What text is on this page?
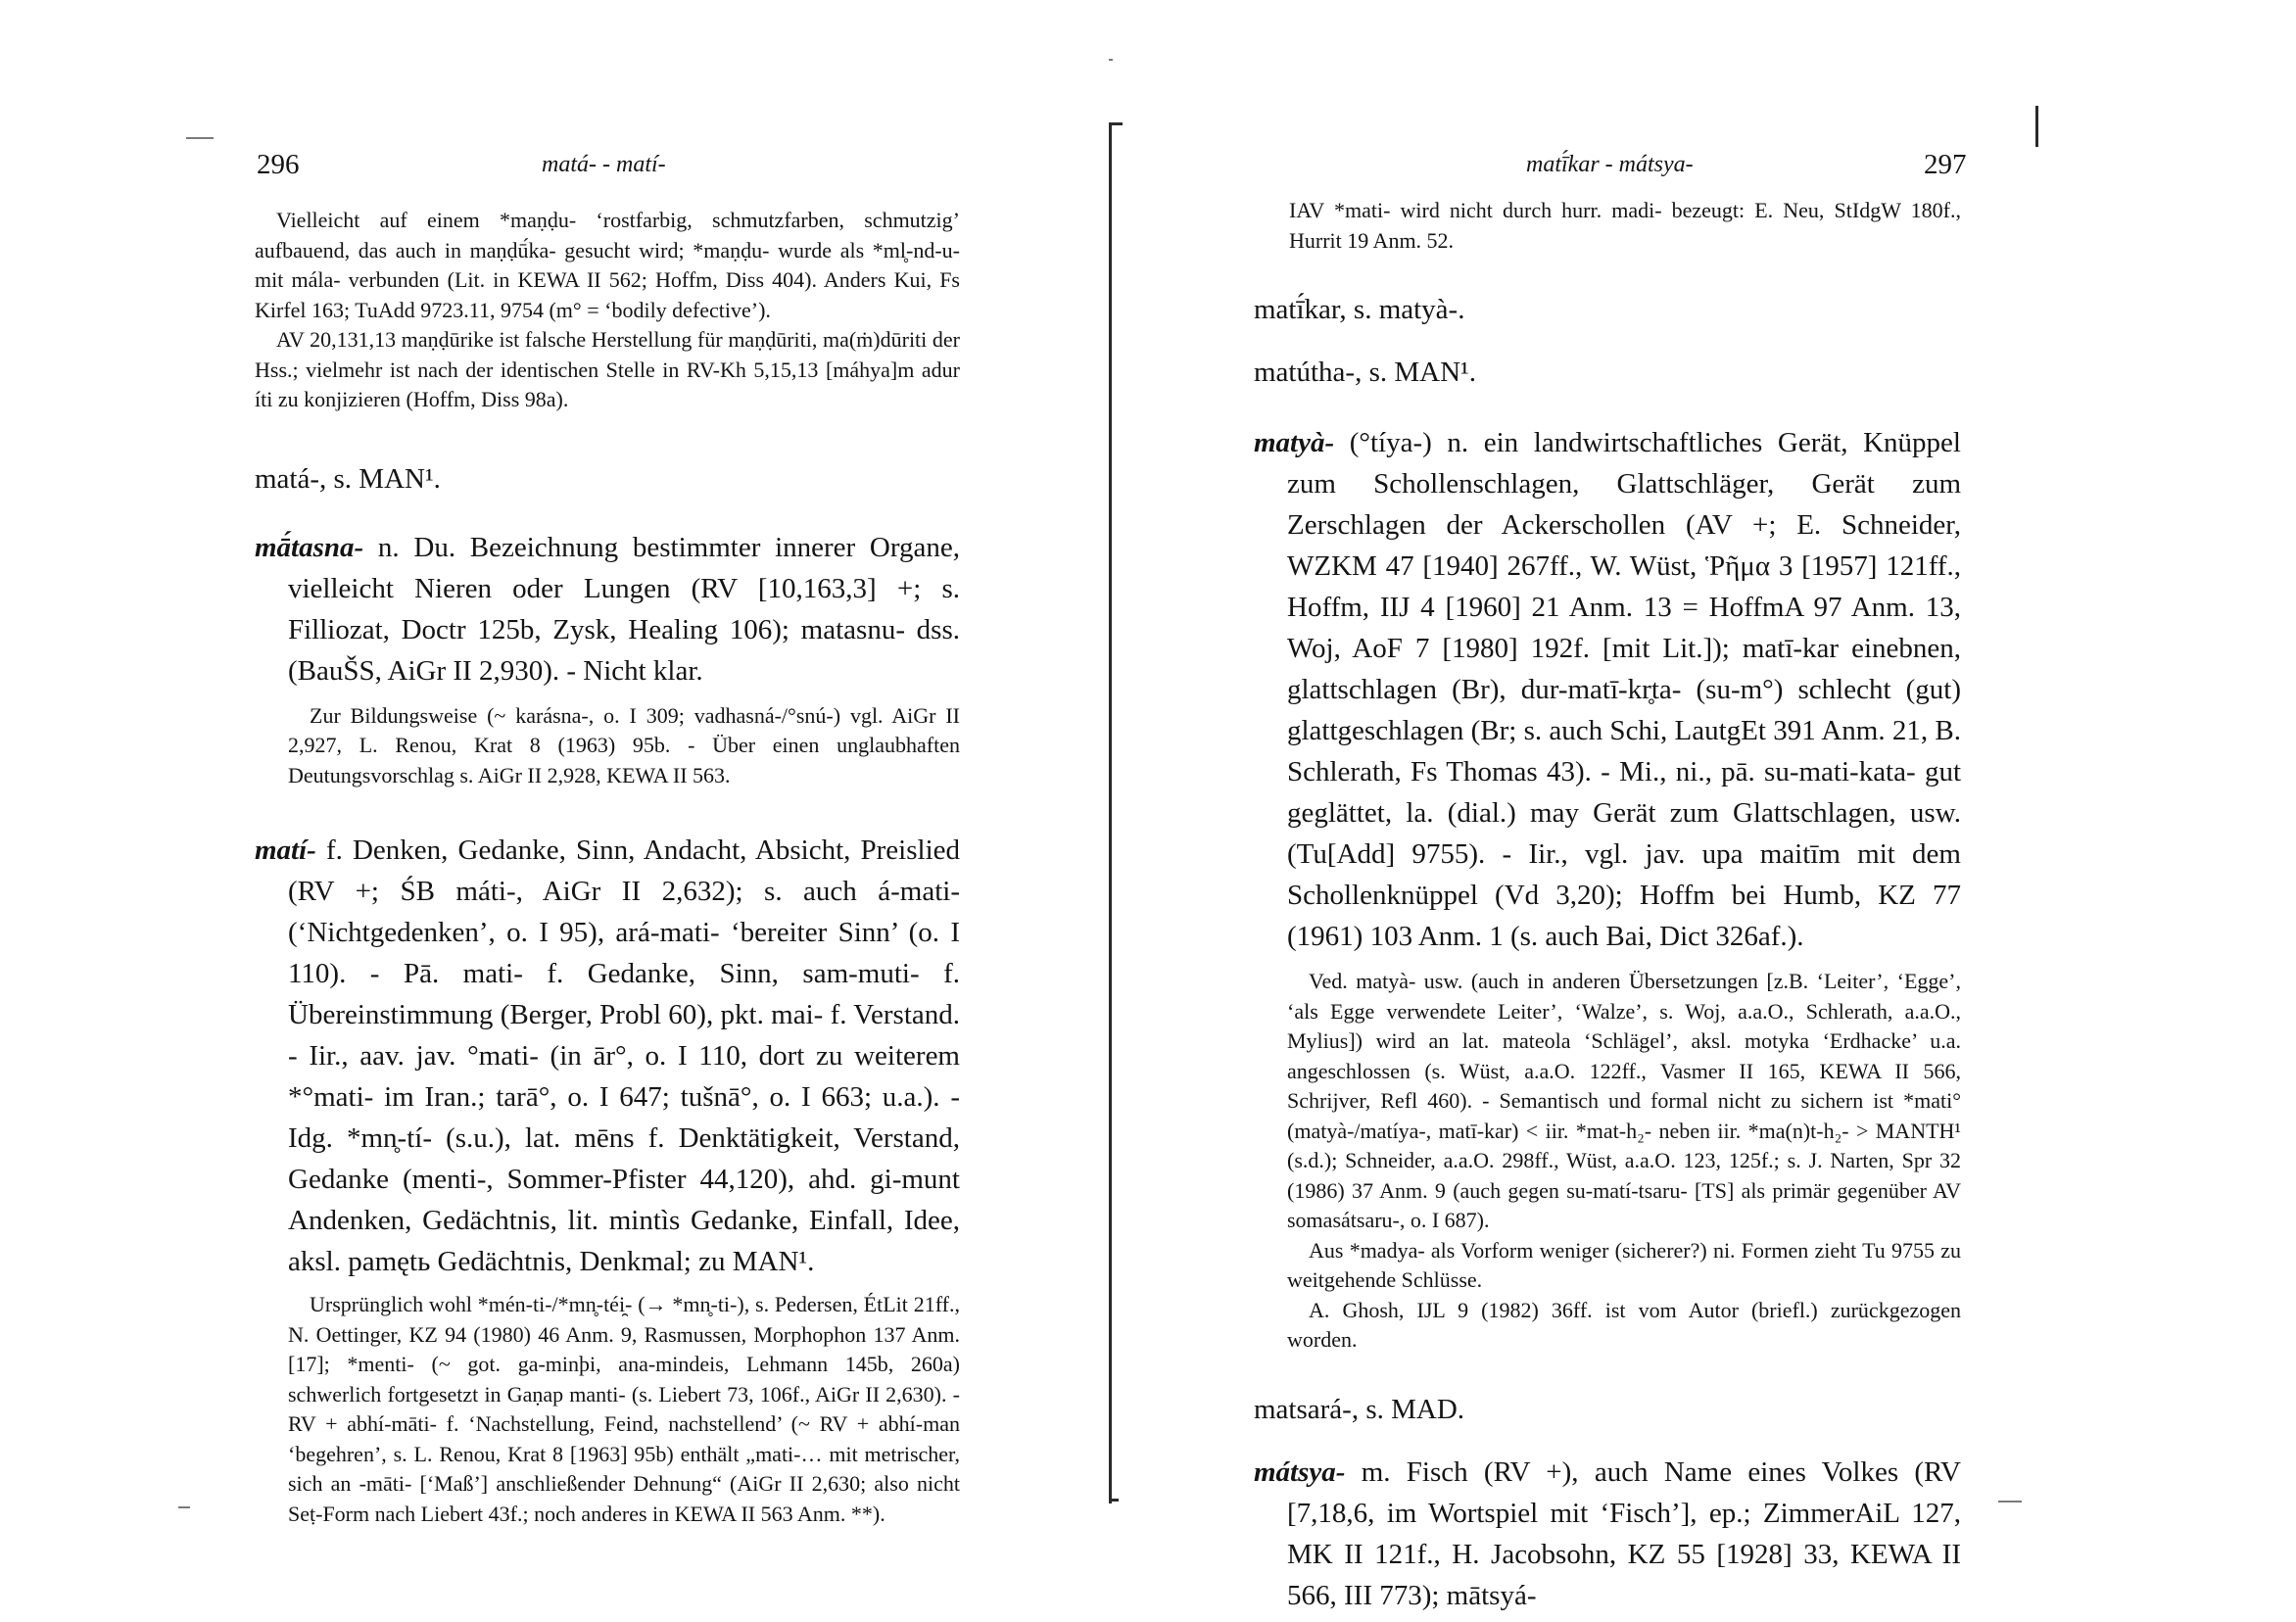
296	matá- - matí-

Vielleicht auf einem *maṇḍu- ‘rostfarbig, schmutzfarben, schmutzig’ aufbauend, das auch in maṇḍū́ka- gesucht wird; *maṇḍu- wurde als *ml̥-nd-u- mit mála- verbunden (Lit. in KEWA II 562; Hoffm, Diss 404). Anders Kui, Fs Kirfel 163; TuAdd 9723.11, 9754 (m° = ‘bodily defective’).

AV 20,131,13 maṇḍūrike ist falsche Herstellung für maṇḍūriti, ma(ṁ)dūriti der Hss.; vielmehr ist nach der identischen Stelle in RV-Kh 5,15,13 [máhya]m adur íti zu konjizieren (Hoffm, Diss 98a).

matá-, s. MAN¹.

mā́tasna- n. Du. Bezeichnung bestimmter innerer Organe, vielleicht Nieren oder Lungen (RV [10,163,3] +; s. Filliozat, Doctr 125b, Zysk, Healing 106); matasnu- dss. (BauŠS, AiGr II 2,930). - Nicht klar.

Zur Bildungsweise (~ karásna-, o. I 309; vadhasná-/°snú-) vgl. AiGr II 2,927, L. Renou, Krat 8 (1963) 95b. - Über einen unglaubhaften Deutungsvorschlag s. AiGr II 2,928, KEWA II 563.

matí- f. Denken, Gedanke, Sinn, Andacht, Absicht, Preislied (RV +; ŚB máti-, AiGr II 2,632); s. auch á-mati- (‘Nichtgedenken’, o. I 95), ará-mati- ‘bereiter Sinn’ (o. I 110). - Pā. mati- f. Gedanke, Sinn, sam-muti- f. Übereinstimmung (Berger, Probl 60), pkt. mai- f. Verstand. - Iir., aav. jav. °mati- (in ār°, o. I 110, dort zu weiterem *°mati- im Iran.; tarā°, o. I 647; tušnā°, o. I 663; u.a.). - Idg. *mn̥-tí- (s.u.), lat. mēns f. Denktätigkeit, Verstand, Gedanke (menti-, Sommer-Pfister 44,120), ahd. gi-munt Andenken, Gedächtnis, lit. mintìs Gedanke, Einfall, Idee, aksl. pamętь Gedächtnis, Denkmal; zu MAN¹.

Ursprünglich wohl *mén-ti-/*mn̥-téi̯- (→ *mn̥-ti-), s. Pedersen, ÉtLit 21ff., N. Oettinger, KZ 94 (1980) 46 Anm. 9, Rasmussen, Morphophon 137 Anm. [17]; *menti- (~ got. ga-minþi, ana-mindeis, Lehmann 145b, 260a) schwerlich fortgesetzt in Gaṇap manti- (s. Liebert 73, 106f., AiGr II 2,630). - RV + abhí-māti- f. ‘Nachstellung, Feind, nachstellend’ (~ RV + abhí-man ‘begehren’, s. L. Renou, Krat 8 [1963] 95b) enthält „mati-… mit metrischer, sich an -māti- [‘Maß’] anschließender Dehnung“ (AiGr II 2,630; also nicht Seṭ-Form nach Liebert 43f.; noch anderes in KEWA II 563 Anm. **).

matī́kar - mátsya-	297

IAV *mati- wird nicht durch hurr. madi- bezeugt: E. Neu, StIdgW 180f., Hurrit 19 Anm. 52.

matī́kar, s. matyà-.

matútha-, s. MAN¹.

matyà- (°tíya-) n. ein landwirtschaftliches Gerät, Knüppel zum Schollenschlagen, Glattschläger, Gerät zum Zerschlagen der Ackerschollen (AV +; E. Schneider, WZKM 47 [1940] 267ff., W. Wüst, Ῥῆμα 3 [1957] 121ff., Hoffm, IIJ 4 [1960] 21 Anm. 13 = HoffmA 97 Anm. 13, Woj, AoF 7 [1980] 192f. [mit Lit.]); matī-kar einebnen, glattschlagen (Br), dur-matī-kr̥ta- (su-m°) schlecht (gut) glattgeschlagen (Br; s. auch Schi, LautgEt 391 Anm. 21, B. Schlerath, Fs Thomas 43). - Mi., ni., pā. su-mati-kata- gut geglättet, la. (dial.) may Gerät zum Glattschlagen, usw. (Tu[Add] 9755). - Iir., vgl. jav. upa maitīm mit dem Schollenknüppel (Vd 3,20); Hoffm bei Humb, KZ 77 (1961) 103 Anm. 1 (s. auch Bai, Dict 326af.).

Ved. matyà- usw. (auch in anderen Übersetzungen [z.B. ‘Leiter’, ‘Egge’, ‘als Egge verwendete Leiter’, ‘Walze’, s. Woj, a.a.O., Schlerath, a.a.O., Mylius]) wird an lat. mateola ‘Schlägel’, aksl. motyka ‘Erdhacke’ u.a. angeschlossen (s. Wüst, a.a.O. 122ff., Vasmer II 165, KEWA II 566, Schrijver, Refl 460). - Semantisch und formal nicht zu sichern ist *mati° (matyà-/matíya-, matī-kar) < iir. *mat-h₂- neben iir. *ma(n)t-h₂- > MANTH¹ (s.d.); Schneider, a.a.O. 298ff., Wüst, a.a.O. 123, 125f.; s. J. Narten, Spr 32 (1986) 37 Anm. 9 (auch gegen su-matí-tsaru- [TS] als primär gegenüber AV somasátsaru-, o. I 687).

Aus *madya- als Vorform weniger (sicherer?) ni. Formen zieht Tu 9755 zu weitgehende Schlüsse.

A. Ghosh, IJL 9 (1982) 36ff. ist vom Autor (briefl.) zurückgezogen worden.

matsará-, s. MAD.

mátsya- m. Fisch (RV +), auch Name eines Volkes (RV [7,18,6, im Wortspiel mit ‘Fisch’], ep.; ZimmerAiL 127, MK II 121f., H. Jacobsohn, KZ 55 [1928] 33, KEWA II 566, III 773); mātsyá-
